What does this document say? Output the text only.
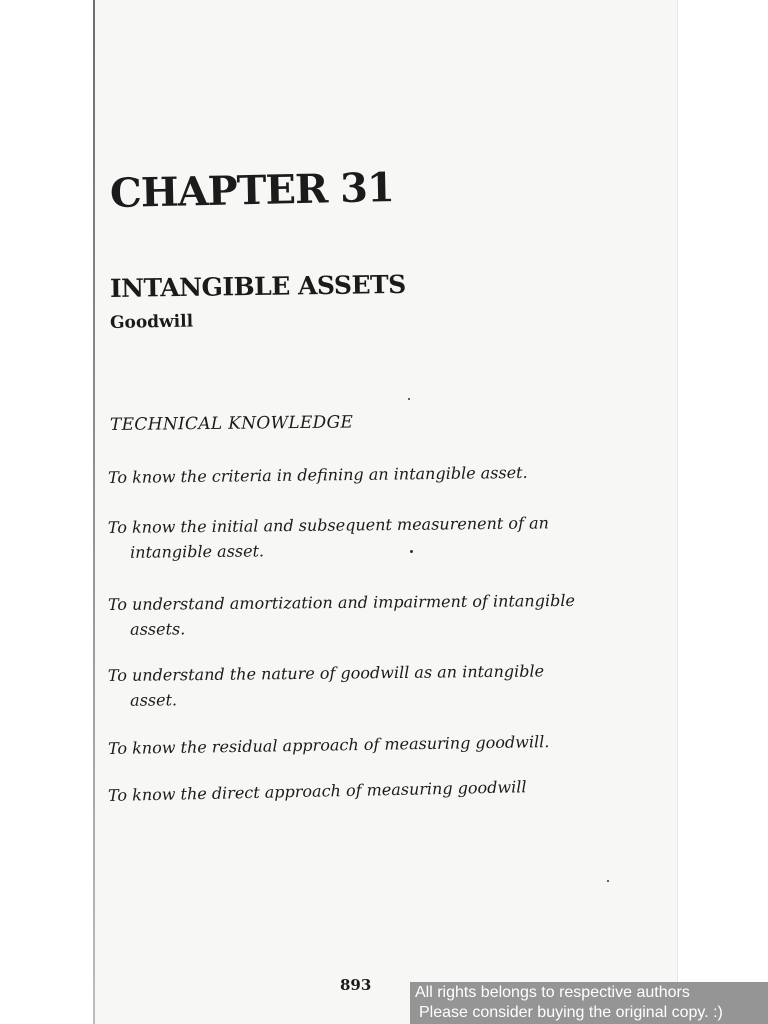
CHAPTER 31
INTANGIBLE ASSETS
Goodwill
TECHNICAL KNOWLEDGE
To know the criteria in defining an intangible asset.
To know the initial and subsequent measurenent of an
intangible asset.
To understand amortization and impairment of intangible
assets.
To understand the nature of goodwill as an intangible
asset.
To know the residual approach of measuring goodwill.
To know the direct approach of measuring goodwill
893	All rights belongs to respective authors
Please consider buying the original copy. :)
